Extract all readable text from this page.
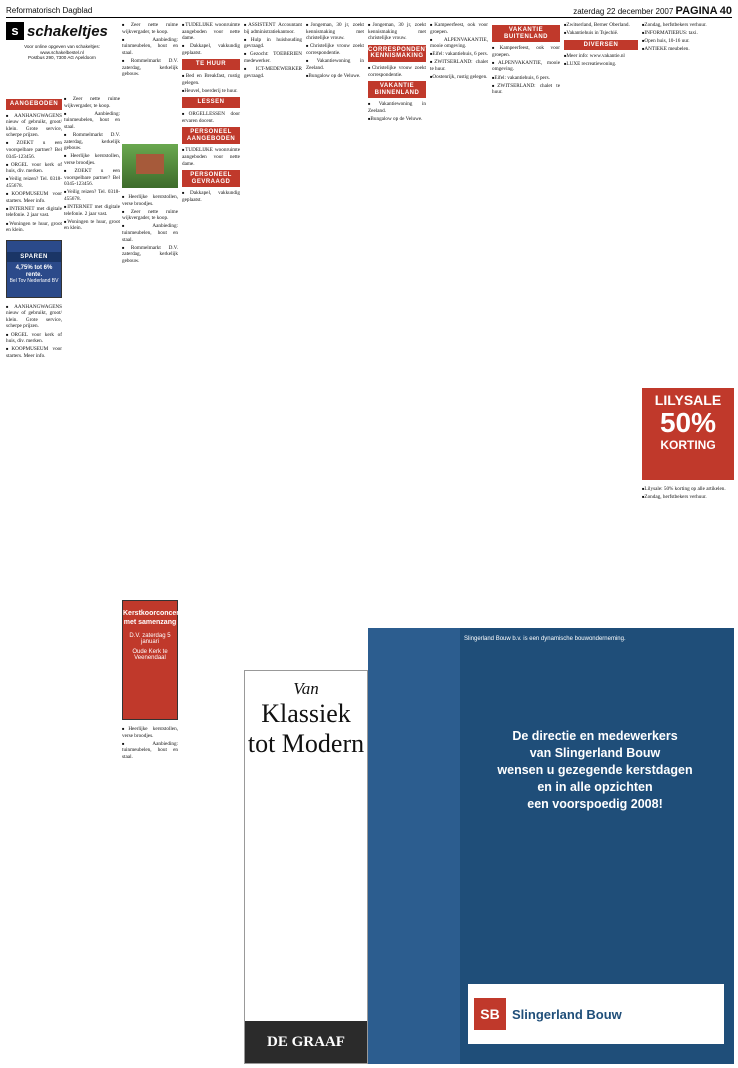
Reformatorisch Dagblad	zaterdag 22 december 2007 PAGINA 40
s schakeltjes
Voor online opgeven van schakeltjes: www.schakelbestel.nl
Postbus 290, 7300 AG Apeldoorn
AANGEBODEN

■ AANHANGWAGENS nieuw of gebruikt, groot/ klein. Grote service, scherpe prijzen.

■ ZOEKT u een voorspelbare partner? Bel 0345-123456.

■ ORGEL voor kerk of huis, div. merken.

■ Veilig reizen? Tel. 0318-455678.

■ KOOPMUSEUM voor starters. Meer info.

■ INTERNET met digitale telefonie. 2 jaar vast.

■ Woningen te huur, groot en klein.

SPAREN
4,75% tot 6% rente.
Bel Tov Nederland BV

■ AANHANGWAGENS nieuw of gebruikt, groot/ klein. Grote service, scherpe prijzen.

■ ORGEL voor kerk of huis, div. merken.

■ KOOPMUSEUM voor starters. Meer info.

■ Zeer nette ruime wijkvergader, te koop.

■ Aanbieding: tuinmeubelen, hout en staal.

■ Rommelmarkt D.V. zaterdag, kerkelijk gebouw.

■ Heerlijke kerststollen, verse broodjes.

■ ZOEKT u een voorspelbare partner? Bel 0345-123456.

■ Veilig reizen? Tel. 0318-455678.

■ INTERNET met digitale telefonie. 2 jaar vast.

■ Woningen te huur, groot en klein.

■ Zeer nette ruime wijkvergader, te koop.

■ Aanbieding: tuinmeubelen, hout en staal.

■ Rommelmarkt D.V. zaterdag, kerkelijk gebouw.

Kerstkoorconcert met samenzang
D.V. zaterdag 5 januari
Oude Kerk te Veenendaal

■ Heerlijke kerststollen, verse broodjes.

■ Zeer nette ruime wijkvergader, te koop.

■ Aanbieding: tuinmeubelen, hout en staal.

■ Rommelmarkt D.V. zaterdag, kerkelijk gebouw.

■ Heerlijke kerststollen, verse broodjes.

■ Aanbieding: tuinmeubelen, hout en staal.

■ TUDELIJKE woonruimte aangeboden voor nette dame.

■ Dakkapel, vakkundig geplaatst.

TE HUUR

■ Bed en Breakfast, rustig gelegen.

■ Heuvel, boerderij te huur.

LESSEN

■ ORGELLESSEN door ervaren docent.

PERSONEEL AANGEBODEN

■ TUDELIJKE woonruimte aangeboden voor nette dame.

PERSONEEL GEVRAAGD

■ Dakkapel, vakkundig geplaatst.

■ ASSISTENT Accountant bij administratiekantoor.

■ Hulp in huishouding gevraagd.

■ Gezocht: TOEBERIEN medewerker.

■ ICT-MEDEWERKER gevraagd.

■ Jongeman, 30 jr, zoekt kennismaking met christelijke vrouw.

■ Christelijke vrouw zoekt correspondentie.

■ Vakantiewoning in Zeeland.

■ Bungalow op de Veluwe.

■ Jongeman, 30 jr, zoekt kennismaking met christelijke vrouw.

CORRESPONDENTIE KENNISMAKING

■ Christelijke vrouw zoekt correspondentie.

VAKANTIE BINNENLAND

■ Vakantiewoning in Zeeland.

■ Bungalow op de Veluwe.

■ Kampeerfeest, ook voor groepen.

■ ALPENVAKANTIE, mooie omgeving.

■ Eifel: vakantiehuis, 6 pers.

■ ZWITSERLAND: chalet te huur.

■ Oostenrijk, rustig gelegen.

VAKANTIE BUITENLAND

■ Kampeerfeest, ook voor groepen.

■ ALPENVAKANTIE, mooie omgeving.

■ Eifel: vakantiehuis, 6 pers.

■ ZWITSERLAND: chalet te huur.

■ Zwitserland, Berner Oberland.

■ Vakantiehuis in Tsjechië.

DIVERSEN

■ Meer info: www.vakantie.nl

■ LUXE recreatiewoning.

■ Zondag, herfstbekers verhuur.

■ INFORMATIEBUS: taxi.

■ Open huis, 10-16 uur.

■ ANTIEKE meubelen.

LILYSALE
50%
KORTING

■ Lilysale: 50% korting op alle artikelen.

■ Zondag, herfstbekers verhuur.

Van
Klassiek
tot Modern
DE GRAAF
Slingerland Bouw b.v. is een dynamische bouwonderneming.
De directie en medewerkers
van Slingerland Bouw
wensen u gezegende kerstdagen
en in alle opzichten
een voorspoedig 2008!
SB Slingerland Bouw
